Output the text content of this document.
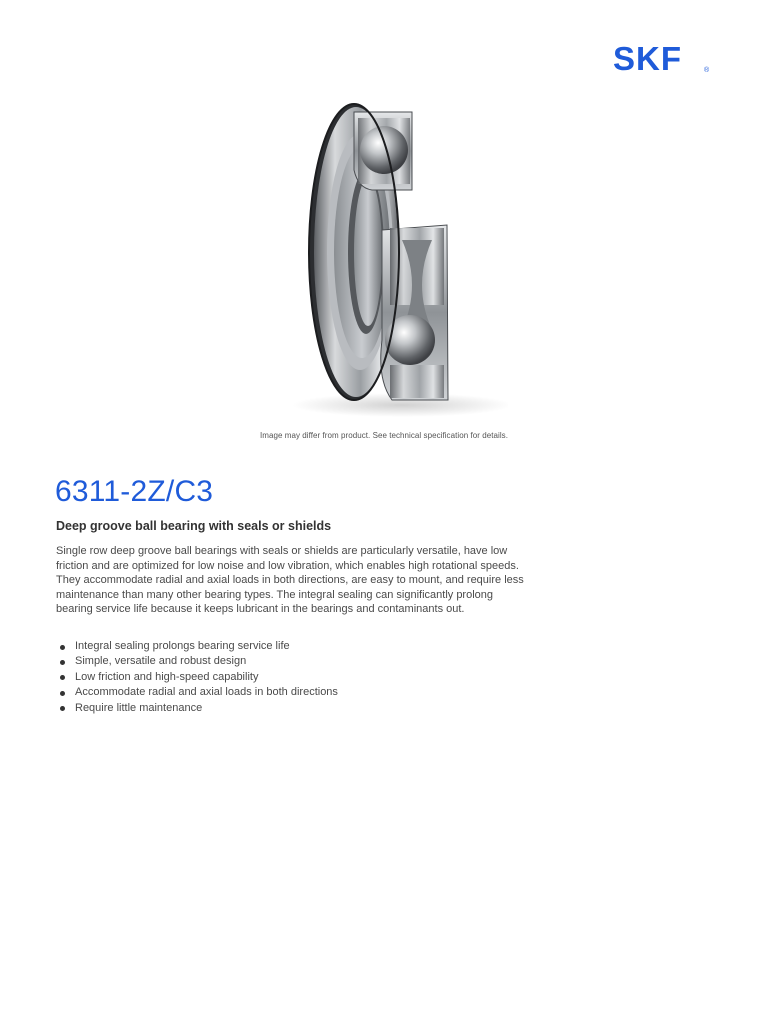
SKF	®
Image may differ from product. See technical specification for details.
6311-2Z/C3
Deep groove ball bearing with seals or shields

Single row deep groove ball bearings with seals or shields are particularly versatile, have low friction and are optimized for low noise and low vibration, which enables high rotational speeds. They accommodate radial and axial loads in both directions, are easy to mount, and require less maintenance than many other bearing types. The integral sealing can significantly prolong bearing service life because it keeps lubricant in the bearings and contaminants out.

Integral sealing prolongs bearing service life
Simple, versatile and robust design
Low friction and high-speed capability
Accommodate radial and axial loads in both directions
Require little maintenance
